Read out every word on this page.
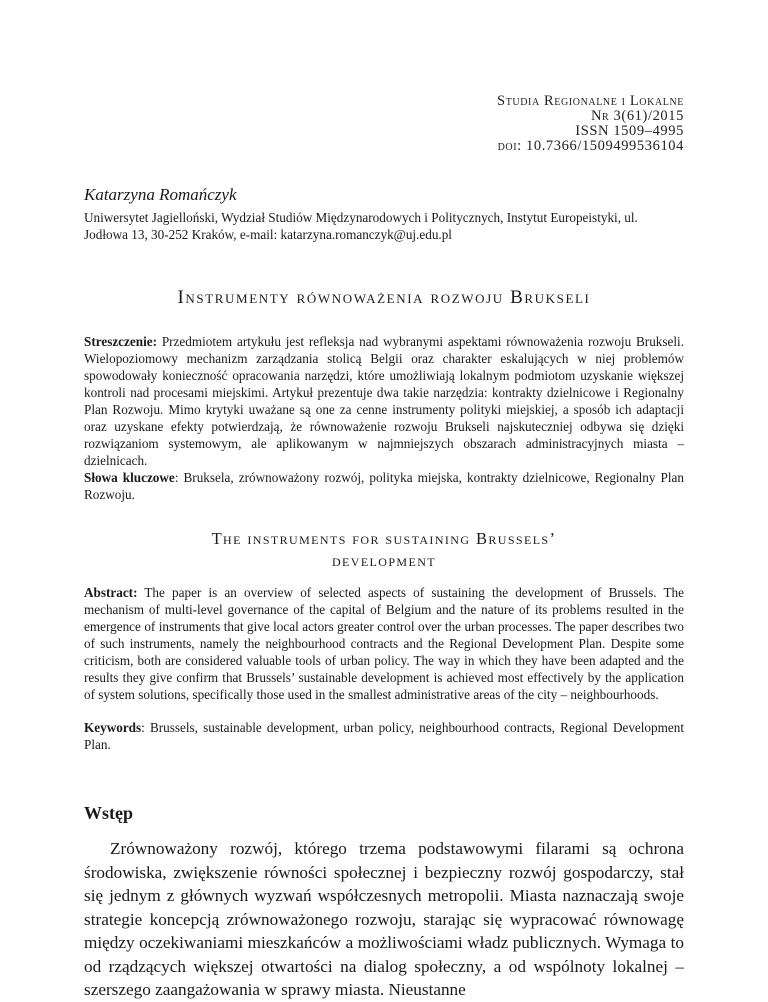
Studia Regionalne i Lokalne
Nr 3(61)/2015
ISSN 1509–4995
doi: 10.7366/1509499536104
Katarzyna Romańczyk
Uniwersytet Jagielloński, Wydział Studiów Międzynarodowych i Politycznych, Instytut Europeistyki, ul. Jodłowa 13, 30-252 Kraków, e-mail: katarzyna.romanczyk@uj.edu.pl
Instrumenty równoważenia rozwoju Brukseli

Streszczenie: Przedmiotem artykułu jest refleksja nad wybranymi aspektami równoważenia rozwoju Brukseli. Wielopoziomowy mechanizm zarządzania stolicą Belgii oraz charakter eskalujących w niej problemów spowodowały konieczność opracowania narzędzi, które umożliwiają lokalnym podmiotom uzyskanie większej kontroli nad procesami miejskimi. Artykuł prezentuje dwa takie narzędzia: kontrakty dzielnicowe i Regionalny Plan Rozwoju. Mimo krytyki uważane są one za cenne instrumenty polityki miejskiej, a sposób ich adaptacji oraz uzyskane efekty potwierdzają, że równoważenie rozwoju Brukseli najskuteczniej odbywa się dzięki rozwiązaniom systemowym, ale aplikowanym w najmniejszych obszarach administracyjnych miasta – dzielnicach.

Słowa kluczowe: Bruksela, zrównoważony rozwój, polityka miejska, kontrakty dzielnicowe, Regionalny Plan Rozwoju.

The instruments for sustaining Brussels’
development

Abstract: The paper is an overview of selected aspects of sustaining the development of Brussels. The mechanism of multi-level governance of the capital of Belgium and the nature of its problems resulted in the emergence of instruments that give local actors greater control over the urban processes. The paper describes two of such instruments, namely the neighbourhood contracts and the Regional Development Plan. Despite some criticism, both are considered valuable tools of urban policy. The way in which they have been adapted and the results they give confirm that Brussels’ sustainable development is achieved most effectively by the application of system solutions, specifically those used in the smallest administrative areas of the city – neighbourhoods.

Keywords: Brussels, sustainable development, urban policy, neighbourhood contracts, Regional Development Plan.

Wstęp

Zrównoważony rozwój, którego trzema podstawowymi filarami są ochrona środowiska, zwiększenie równości społecznej i bezpieczny rozwój gospodarczy, stał się jednym z głównych wyzwań współczesnych metropolii. Miasta naznaczają swoje strategie koncepcją zrównoważonego rozwoju, starając się wypracować równowagę między oczekiwaniami mieszkańców a możliwościami władz publicznych. Wymaga to od rządzących większej otwartości na dialog społeczny, a od wspólnoty lokalnej – szerszego zaangażowania w sprawy miasta. Nieustanne
